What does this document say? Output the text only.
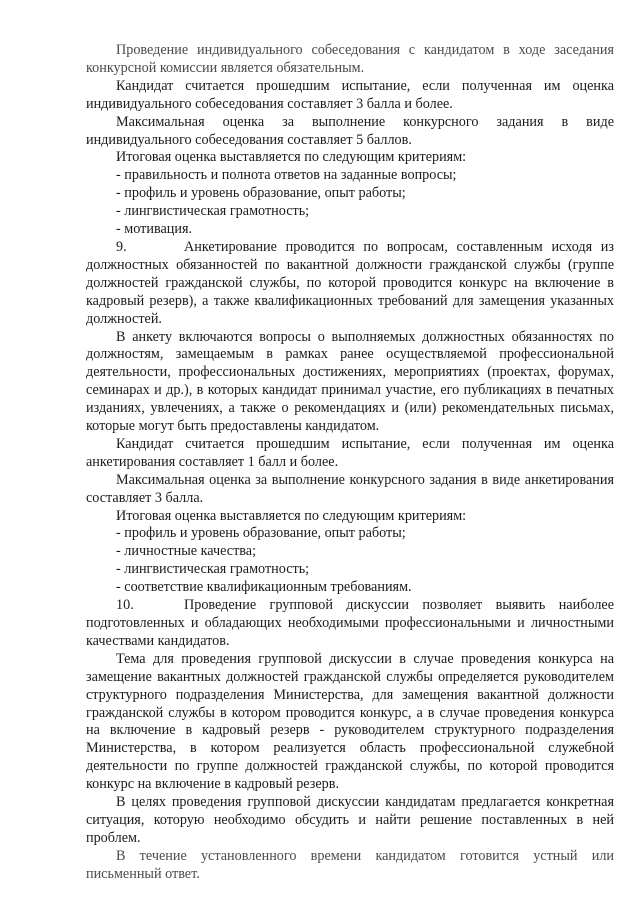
Проведение индивидуального собеседования с кандидатом в ходе заседания конкурсной комиссии является обязательным.

Кандидат считается прошедшим испытание, если полученная им оценка индивидуального собеседования составляет 3 балла и более.

Максимальная оценка за выполнение конкурсного задания в виде индивидуального собеседования составляет 5 баллов.

Итоговая оценка выставляется по следующим критериям:

- правильность и полнота ответов на заданные вопросы;

- профиль и уровень образование, опыт работы;

- лингвистическая грамотность;

- мотивация.

9.	Анкетирование проводится по вопросам, составленным исходя из должностных обязанностей по вакантной должности гражданской службы (группе должностей гражданской службы, по которой проводится конкурс на включение в кадровый резерв), а также квалификационных требований для замещения указанных должностей.

В анкету включаются вопросы о выполняемых должностных обязанностях по должностям, замещаемым в рамках ранее осуществляемой профессиональной деятельности, профессиональных достижениях, мероприятиях (проектах, форумах, семинарах и др.), в которых кандидат принимал участие, его публикациях в печатных изданиях, увлечениях, а также о рекомендациях и (или) рекомендательных письмах, которые могут быть предоставлены кандидатом.

Кандидат считается прошедшим испытание, если полученная им оценка анкетирования составляет 1 балл и более.

Максимальная оценка за выполнение конкурсного задания в виде анкетирования составляет 3 балла.

Итоговая оценка выставляется по следующим критериям:

- профиль и уровень образование, опыт работы;

- личностные качества;

- лингвистическая грамотность;

- соответствие квалификационным требованиям.

10.	Проведение групповой дискуссии позволяет выявить наиболее подготовленных и обладающих необходимыми профессиональными и личностными качествами кандидатов.

Тема для проведения групповой дискуссии в случае проведения конкурса на замещение вакантных должностей гражданской службы определяется руководителем структурного подразделения Министерства, для замещения вакантной должности гражданской службы в котором проводится конкурс, а в случае проведения конкурса на включение в кадровый резерв - руководителем структурного подразделения Министерства, в котором реализуется область профессиональной служебной деятельности по группе должностей гражданской службы, по которой проводится конкурс на включение в кадровый резерв.

В целях проведения групповой дискуссии кандидатам предлагается конкретная ситуация, которую необходимо обсудить и найти решение поставленных в ней проблем.

В течение установленного времени кандидатом готовится устный или письменный ответ.
